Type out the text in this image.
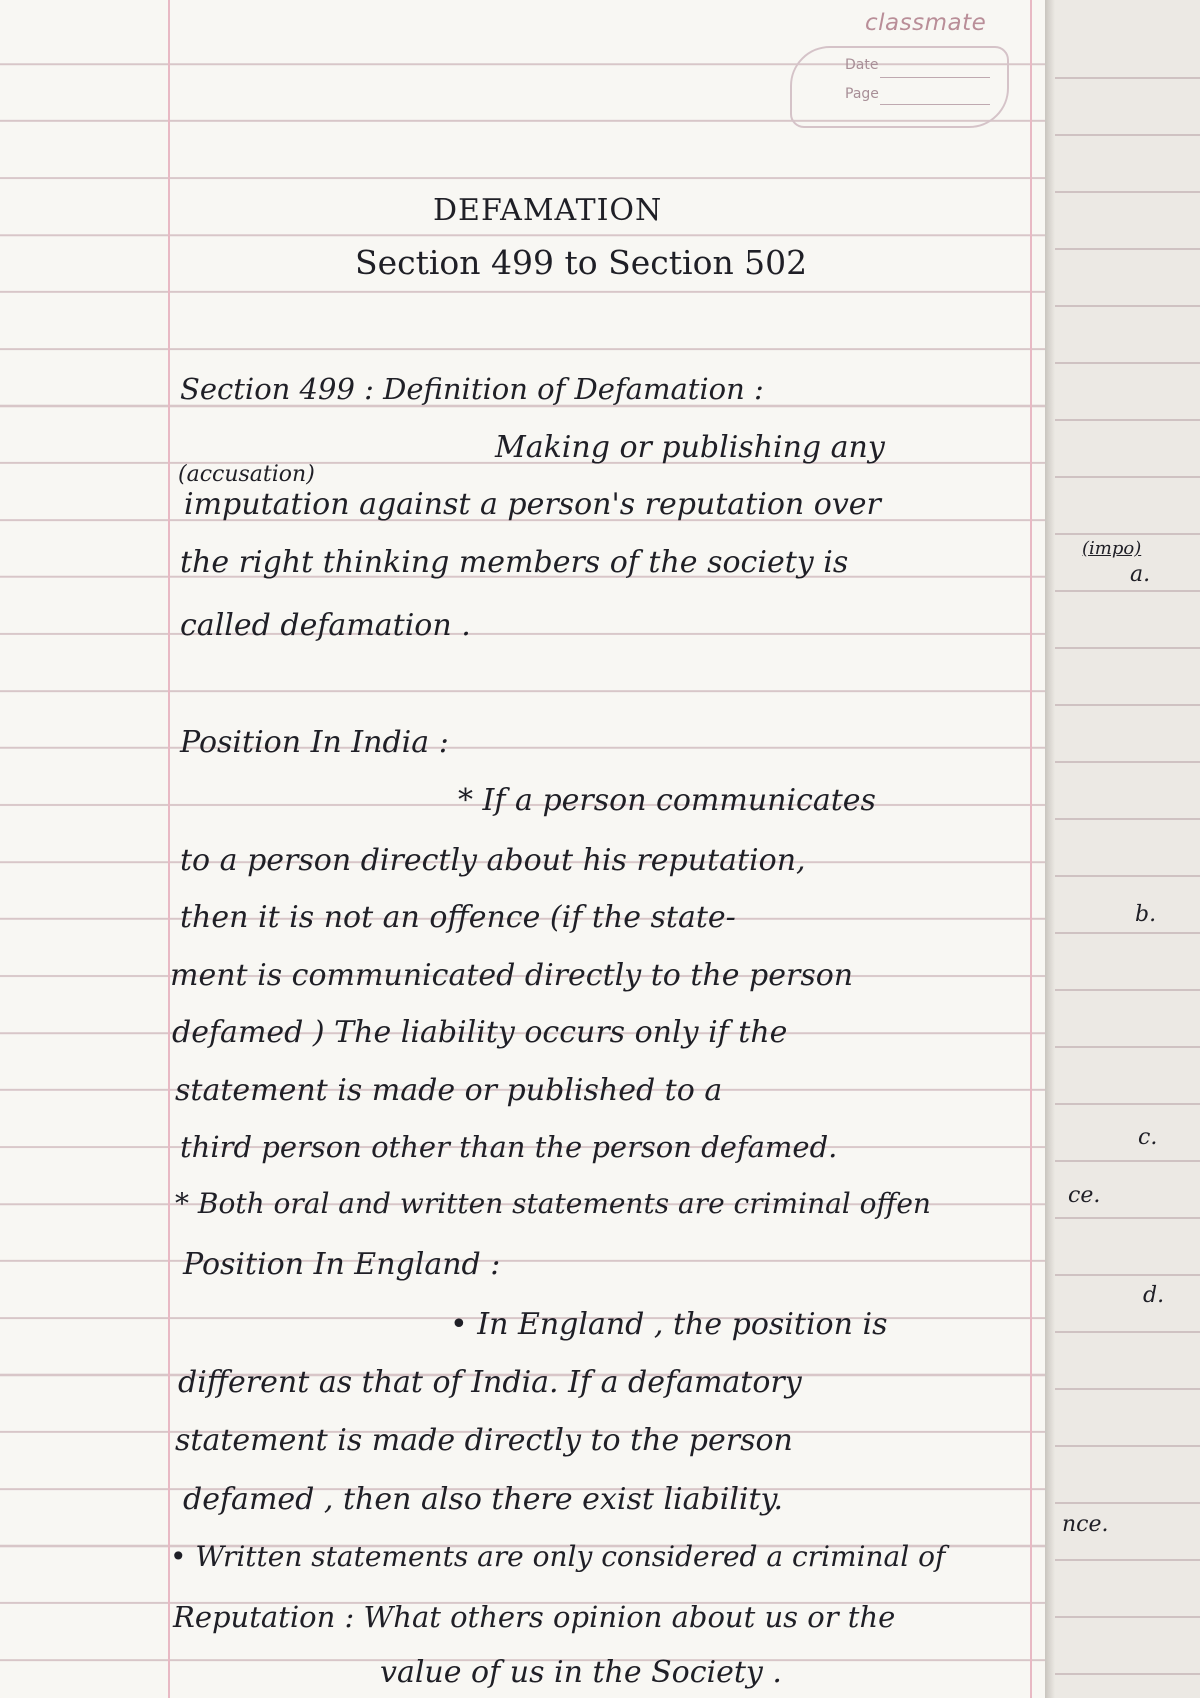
classmate
Date
Page
DEFAMATION
Section 499 to Section 502
Section 499 : Definition of Defamation :
(accusation)
Making or publishing any
imputation against a person's reputation over
the right thinking members of the society is
called defamation .
Position In India :
* If a person communicates
to a person directly about his reputation,
then it is not an offence (if the state-
ment is communicated directly to the person
defamed ) The liability occurs only if the
statement is made or published to a
third person other than the person defamed.
* Both oral and written statements are criminal offen
Position In England :
• In England , the position is
different as that of India. If a defamatory
statement is made directly to the person
defamed , then also there exist liability.
• Written statements are only considered a criminal of
Reputation : What others opinion about us or the
value of us in the Society .
(impo)
a.
b.
c.
ce.
d.
nce.
